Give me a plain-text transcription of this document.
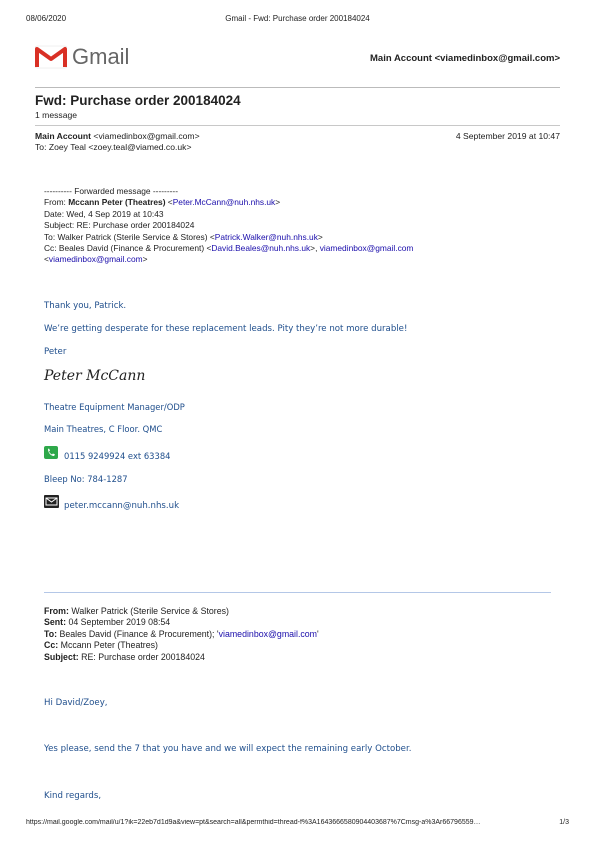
08/06/2020	Gmail - Fwd: Purchase order 200184024
Gmail	Main Account <viamedinbox@gmail.com>
Fwd: Purchase order 200184024
1 message
Main Account <viamedinbox@gmail.com>	4 September 2019 at 10:47
To: Zoey Teal <zoey.teal@viamed.co.uk>
---------- Forwarded message ---------
From: Mccann Peter (Theatres) <Peter.McCann@nuh.nhs.uk>
Date: Wed, 4 Sep 2019 at 10:43
Subject: RE: Purchase order 200184024
To: Walker Patrick (Sterile Service & Stores) <Patrick.Walker@nuh.nhs.uk>
Cc: Beales David (Finance & Procurement) <David.Beales@nuh.nhs.uk>, viamedinbox@gmail.com
<viamedinbox@gmail.com>
Thank you, Patrick.
We’re getting desperate for these replacement leads. Pity they’re not more durable!
Peter
Peter McCann
Theatre Equipment Manager/ODP
Main Theatres, C Floor. QMC
0115 9249924 ext 63384
Bleep No: 784-1287
peter.mccann@nuh.nhs.uk
From: Walker Patrick (Sterile Service & Stores)
Sent: 04 September 2019 08:54
To: Beales David (Finance & Procurement); 'viamedinbox@gmail.com'
Cc: Mccann Peter (Theatres)
Subject: RE: Purchase order 200184024
Hi David/Zoey,
Yes please, send the 7 that you have and we will expect the remaining early October.
Kind regards,
https://mail.google.com/mail/u/1?ik=22eb7d1d9a&view=pt&search=all&permthid=thread-f%3A1643666580904403687%7Cmsg-a%3Ar66796559…	1/3
